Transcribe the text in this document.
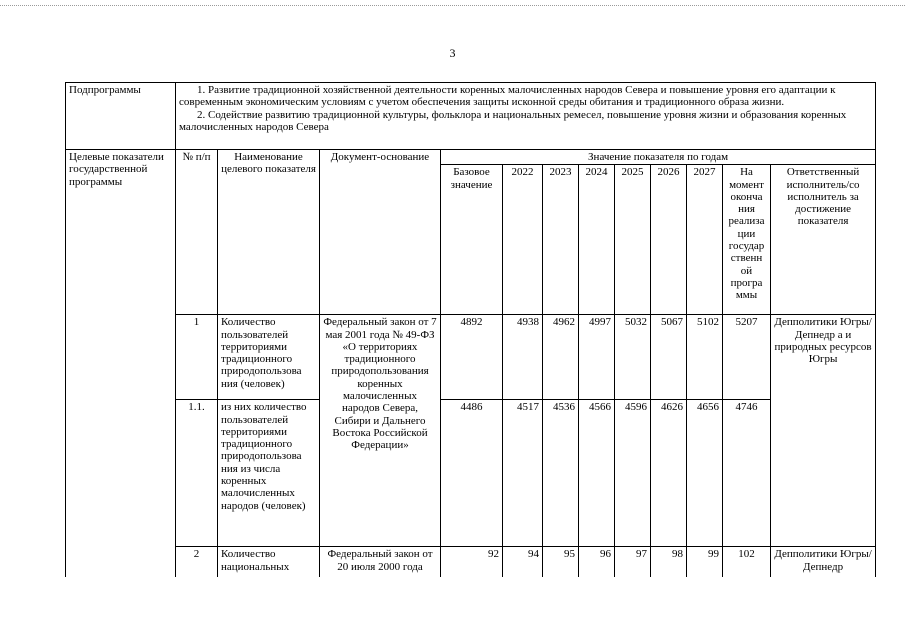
3
Подпрограммы	1. Развитие традиционной хозяйственной деятельности коренных малочисленных народов Севера и повышение уровня его адаптации к современным экономическим условиям с учетом обеспечения защиты исконной среды обитания и традиционного образа жизни.
2. Содействие развитию традиционной культуры, фольклора и национальных ремесел, повышение уровня жизни и образования коренных малочисленных народов Севера											

Целевые показатели государственной программы	№ п/п	Наименование целевого показателя	Документ-основание	Значение показателя по годам								
				Базовое значение	2022	2023	2024	2025	2026	2027	На момент оконча ния реализа ции государ ственн ой програ ммы	Ответственный исполнитель/со исполнитель за достижение показателя
	1	Количество пользователей территориями традиционного природопользова ния (человек)	Федеральный закон от 7 мая 2001 года № 49-ФЗ «О территориях традиционного природопользования коренных малочисленных народов Севера, Сибири и Дальнего Востока Российской Федерации»	4892	4938	4962	4997	5032	5067	5102	5207	Депполитики Югры/Депнедр а и природных ресурсов Югры
	1.1.	из них количество пользователей территориями традиционного природопользова ния из числа коренных малочисленных народов (человек)		4486	4517	4536	4566	4596	4626	4656	4746	
	2	Количество национальных	Федеральный закон от 20 июля 2000 года	92	94	95	96	97	98	99	102	Депполитики Югры/Депнедр
